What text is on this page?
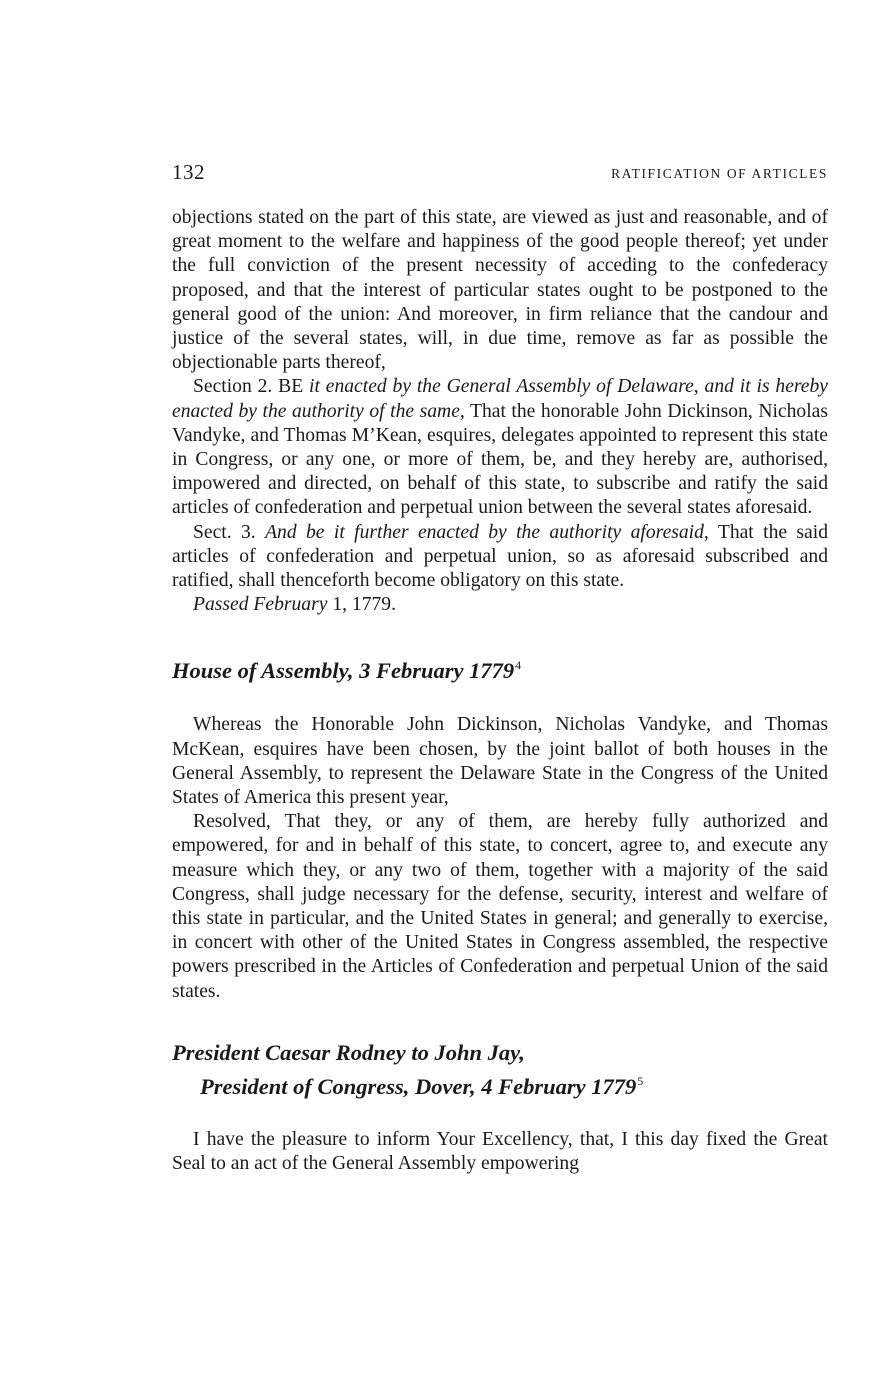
132	RATIFICATION OF ARTICLES

objections stated on the part of this state, are viewed as just and reasonable, and of great moment to the welfare and happiness of the good people thereof; yet under the full conviction of the present necessity of acceding to the confederacy proposed, and that the interest of particular states ought to be postponed to the general good of the union: And moreover, in firm reliance that the candour and justice of the several states, will, in due time, remove as far as possible the objectionable parts thereof,

Section 2. BE it enacted by the General Assembly of Delaware, and it is hereby enacted by the authority of the same, That the honorable John Dickinson, Nicholas Vandyke, and Thomas M’Kean, esquires, delegates appointed to represent this state in Congress, or any one, or more of them, be, and they hereby are, authorised, impowered and directed, on behalf of this state, to subscribe and ratify the said articles of confederation and perpetual union between the several states aforesaid.

Sect. 3. And be it further enacted by the authority aforesaid, That the said articles of confederation and perpetual union, so as aforesaid subscribed and ratified, shall thenceforth become obligatory on this state.

Passed February 1, 1779.

House of Assembly, 3 February 1779$^4$

Whereas the Honorable John Dickinson, Nicholas Vandyke, and Thomas McKean, esquires have been chosen, by the joint ballot of both houses in the General Assembly, to represent the Delaware State in the Congress of the United States of America this present year,

Resolved, That they, or any of them, are hereby fully authorized and empowered, for and in behalf of this state, to concert, agree to, and execute any measure which they, or any two of them, together with a majority of the said Congress, shall judge necessary for the defense, security, interest and welfare of this state in particular, and the United States in general; and generally to exercise, in concert with other of the United States in Congress assembled, the respective powers prescribed in the Articles of Confederation and perpetual Union of the said states.

President Caesar Rodney to John Jay,
President of Congress, Dover, 4 February 1779$^5$

I have the pleasure to inform Your Excellency, that, I this day fixed the Great Seal to an act of the General Assembly empowering
